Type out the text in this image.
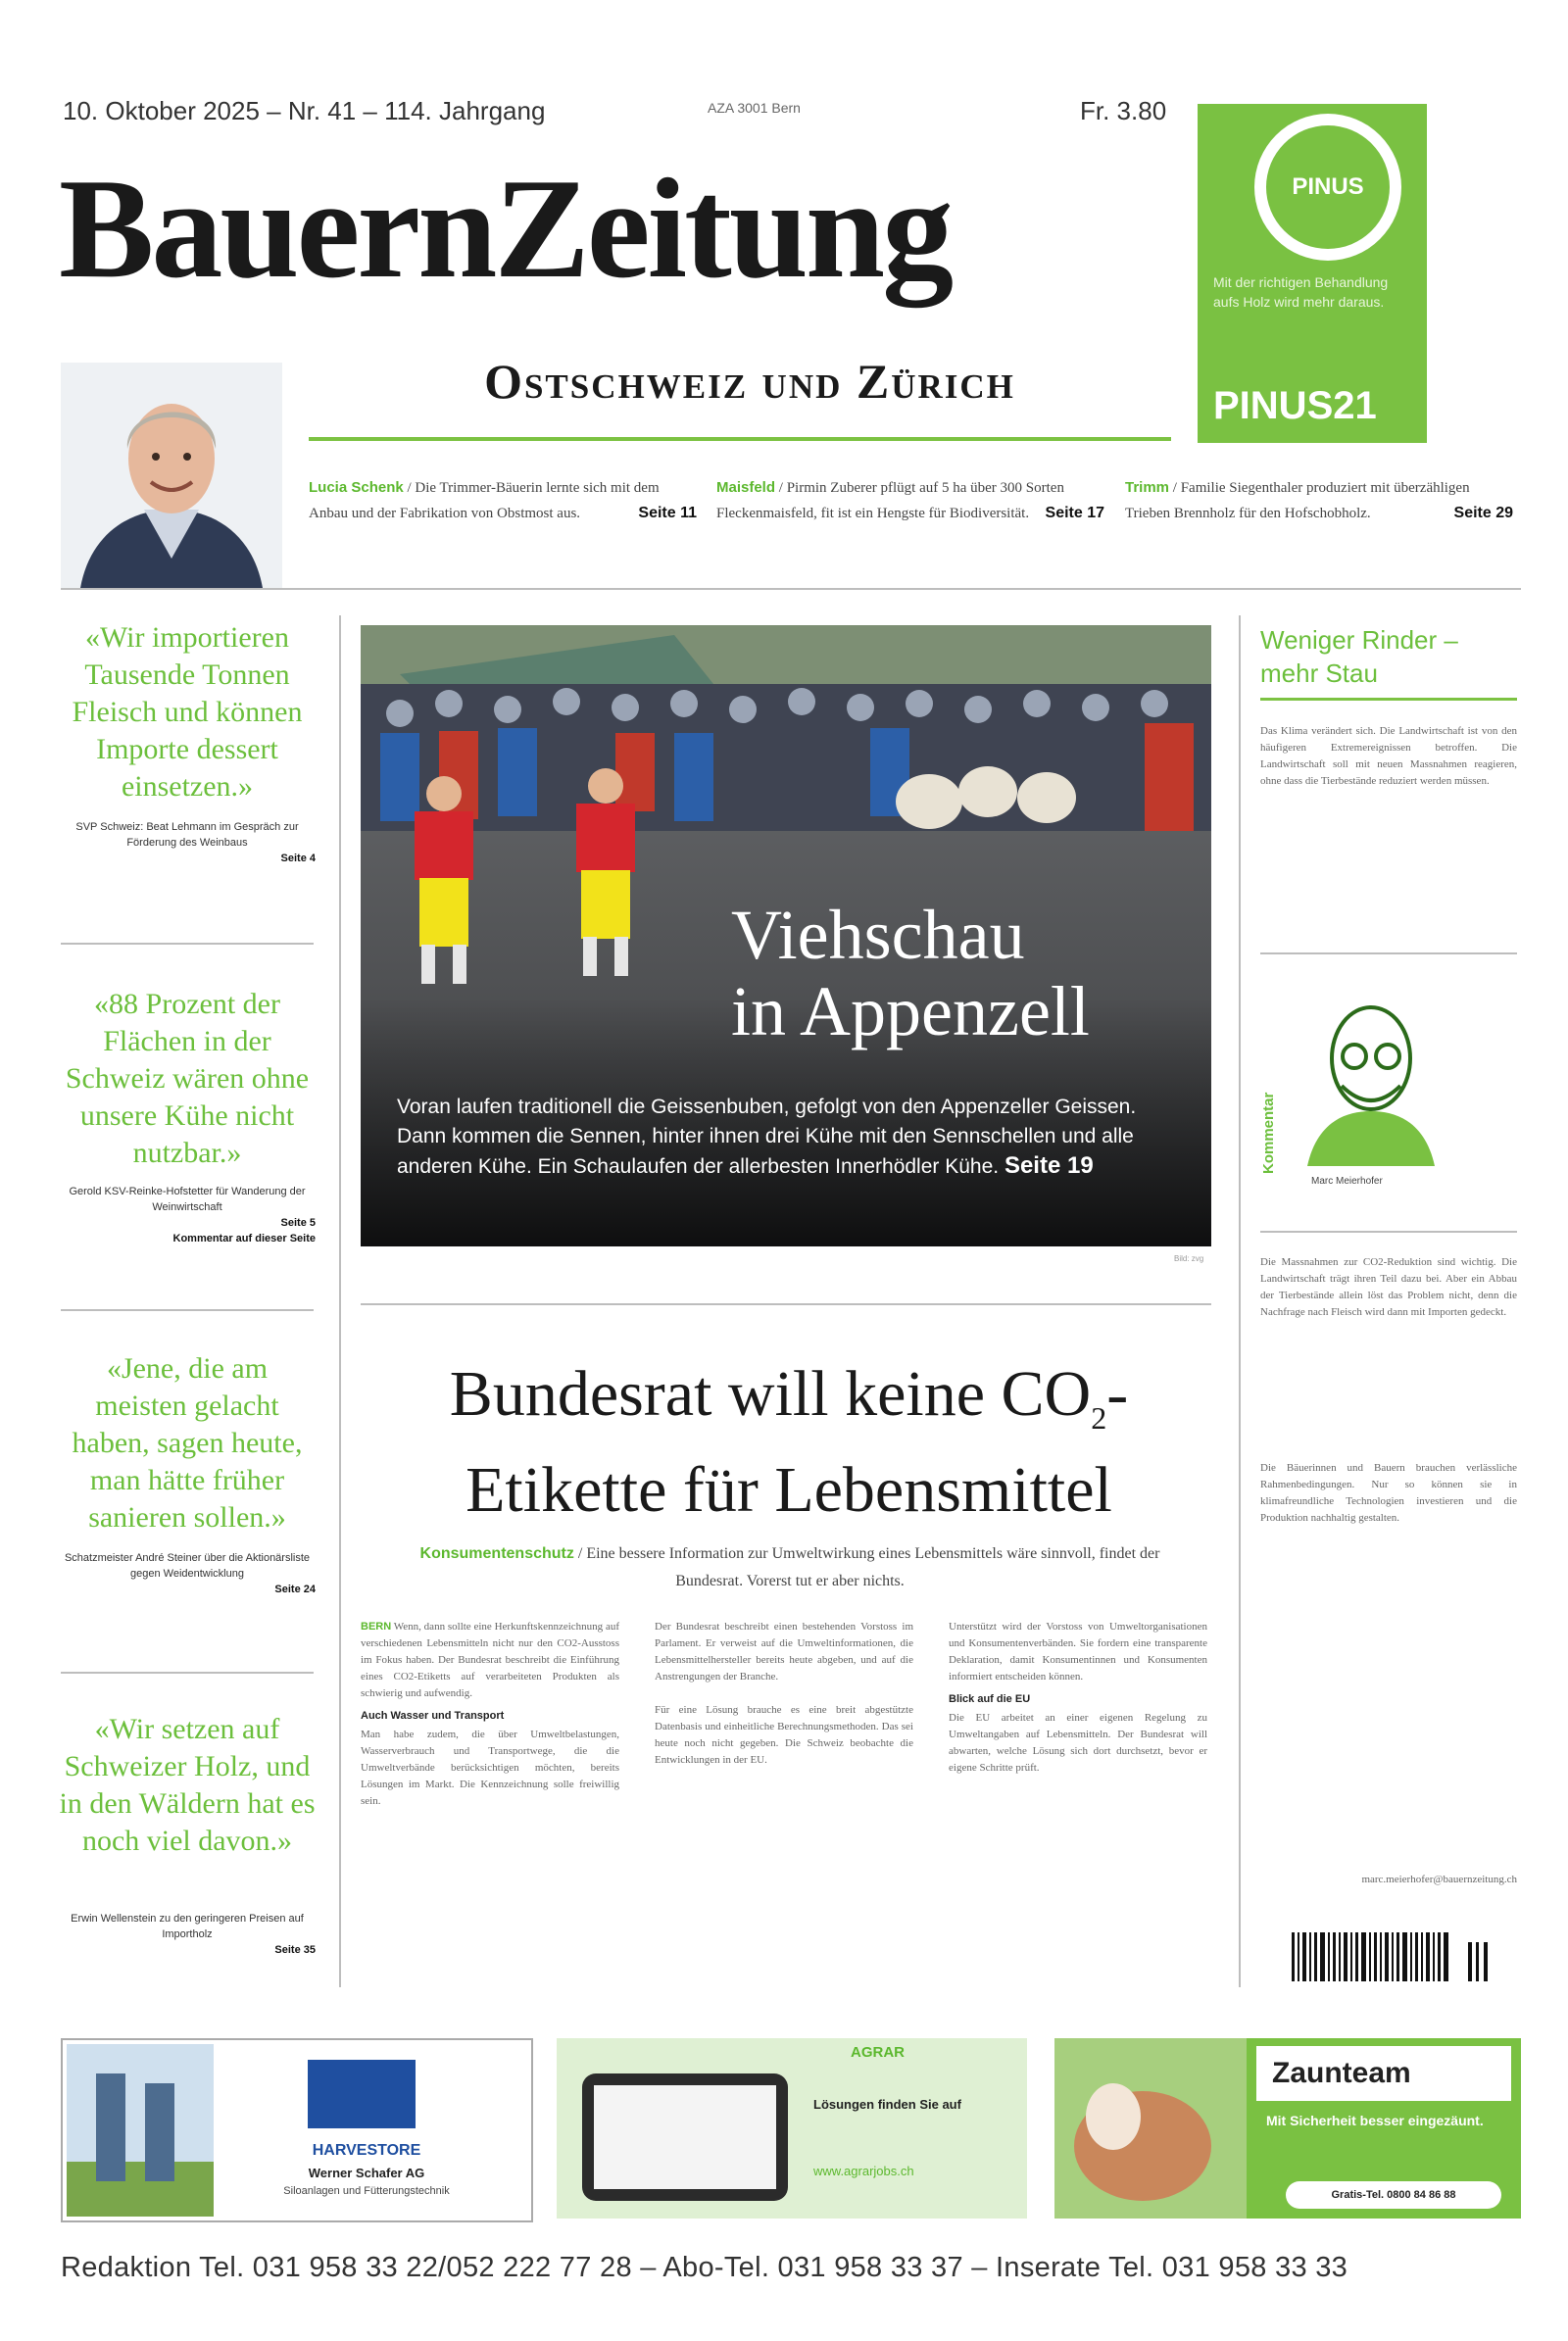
10. Oktober 2025 – Nr. 41 – 114. Jahrgang	AZA 3001 Bern	Fr. 3.80
BauernZeitung
Ostschweiz und Zürich
PINUS
Mit der richtigen Behandlung aufs Holz wird mehr daraus.
PINUS21
Lucia Schenk / Die Trimmer-Bäuerin lernte sich mit dem Anbau und der Fabrikation von Obstmost aus.	Seite 11
Maisfeld / Pirmin Zuberer pflügt auf 5 ha über 300 Sorten Fleckenmaisfeld, fit ist ein Hengste für Biodiversität. Seite 17
Trimm / Familie Siegenthaler produziert mit überzähligen Trieben Brennholz für den Hofschobholz.	Seite 29
«Wir importieren Tausende Tonnen Fleisch und können Importe dessert einsetzen.»
SVP Schweiz: Beat Lehmann im Gespräch zur Förderung des Weinbaus
Seite 4
«88 Prozent der Flächen in der Schweiz wären ohne unsere Kühe nicht nutzbar.»
Gerold KSV-Reinke-Hofstetter für Wanderung der Weinwirtschaft
Seite 5
Kommentar auf dieser Seite
«Jene, die am meisten gelacht haben, sagen heute, man hätte früher sanieren sollen.»
Schatzmeister André Steiner über die Aktionärsliste gegen Weidentwicklung
Seite 24
«Wir setzen auf Schweizer Holz, und in den Wäldern hat es noch viel davon.»
Erwin Wellenstein zu den geringeren Preisen auf Importholz
Seite 35
Viehschau
in Appenzell
Voran laufen traditionell die Geissenbuben, gefolgt von den Appenzeller Geissen. Dann kommen die Sennen, hinter ihnen drei Kühe mit den Sennschellen und alle anderen Kühe. Ein Schaulaufen der allerbesten Innerhödler Kühe. Seite 19
Bild: zvg
Bundesrat will keine $CO_2-$
Etikette für Lebensmittel
Konsumentenschutz / Eine bessere Information zur Umweltwirkung eines Lebensmittels wäre sinnvoll, findet der Bundesrat. Vorerst tut er aber nichts.
BERN Wenn, dann sollte eine Herkunftskennzeichnung auf verschiedenen Lebensmitteln nicht nur den CO2-Ausstoss im Fokus haben. Der Bundesrat beschreibt die Einführung eines CO2-Etiketts auf verarbeiteten Produkten als schwierig und aufwendig.
Auch Wasser und Transport
Man habe zudem, die über Umweltbelastungen, Wasserverbrauch und Transportwege, die die Umweltverbände berücksichtigen möchten, bereits Lösungen im Markt. Die Kennzeichnung solle freiwillig sein.
Der Bundesrat beschreibt einen bestehenden Vorstoss im Parlament. Er verweist auf die Umweltinformationen, die Lebensmittelhersteller bereits heute abgeben, und auf die Anstrengungen der Branche.

Für eine Lösung brauche es eine breit abgestützte Datenbasis und einheitliche Berechnungsmethoden. Das sei heute noch nicht gegeben. Die Schweiz beobachte die Entwicklungen in der EU.
Unterstützt wird der Vorstoss von Umweltorganisationen und Konsumentenverbänden. Sie fordern eine transparente Deklaration, damit Konsumentinnen und Konsumenten informiert entscheiden können.
Blick auf die EU
Die EU arbeitet an einer eigenen Regelung zu Umweltangaben auf Lebensmitteln. Der Bundesrat will abwarten, welche Lösung sich dort durchsetzt, bevor er eigene Schritte prüft.
Weniger Rinder – mehr Stau
Das Klima verändert sich. Die Landwirtschaft ist von den häufigeren Extremereignissen betroffen. Die Landwirtschaft soll mit neuen Massnahmen reagieren, ohne dass die Tierbestände reduziert werden müssen.
Kommentar
Marc Meierhofer
Die Massnahmen zur CO2-Reduktion sind wichtig. Die Landwirtschaft trägt ihren Teil dazu bei. Aber ein Abbau der Tierbestände allein löst das Problem nicht, denn die Nachfrage nach Fleisch wird dann mit Importen gedeckt.
Die Bäuerinnen und Bauern brauchen verlässliche Rahmenbedingungen. Nur so können sie in klimafreundliche Technologien investieren und die Produktion nachhaltig gestalten.
marc.meierhofer@bauernzeitung.ch
HARVESTORE
Werner Schafer AG
Siloanlagen und Fütterungstechnik
AGRAR
Lösungen finden Sie auf
www.agrarjobs.ch
Zaunteam
Mit Sicherheit besser eingezäunt.
Gratis-Tel. 0800 84 86 88
Redaktion Tel. 031 958 33 22/052 222 77 28 – Abo-Tel. 031 958 33 37 – Inserate Tel. 031 958 33 33
